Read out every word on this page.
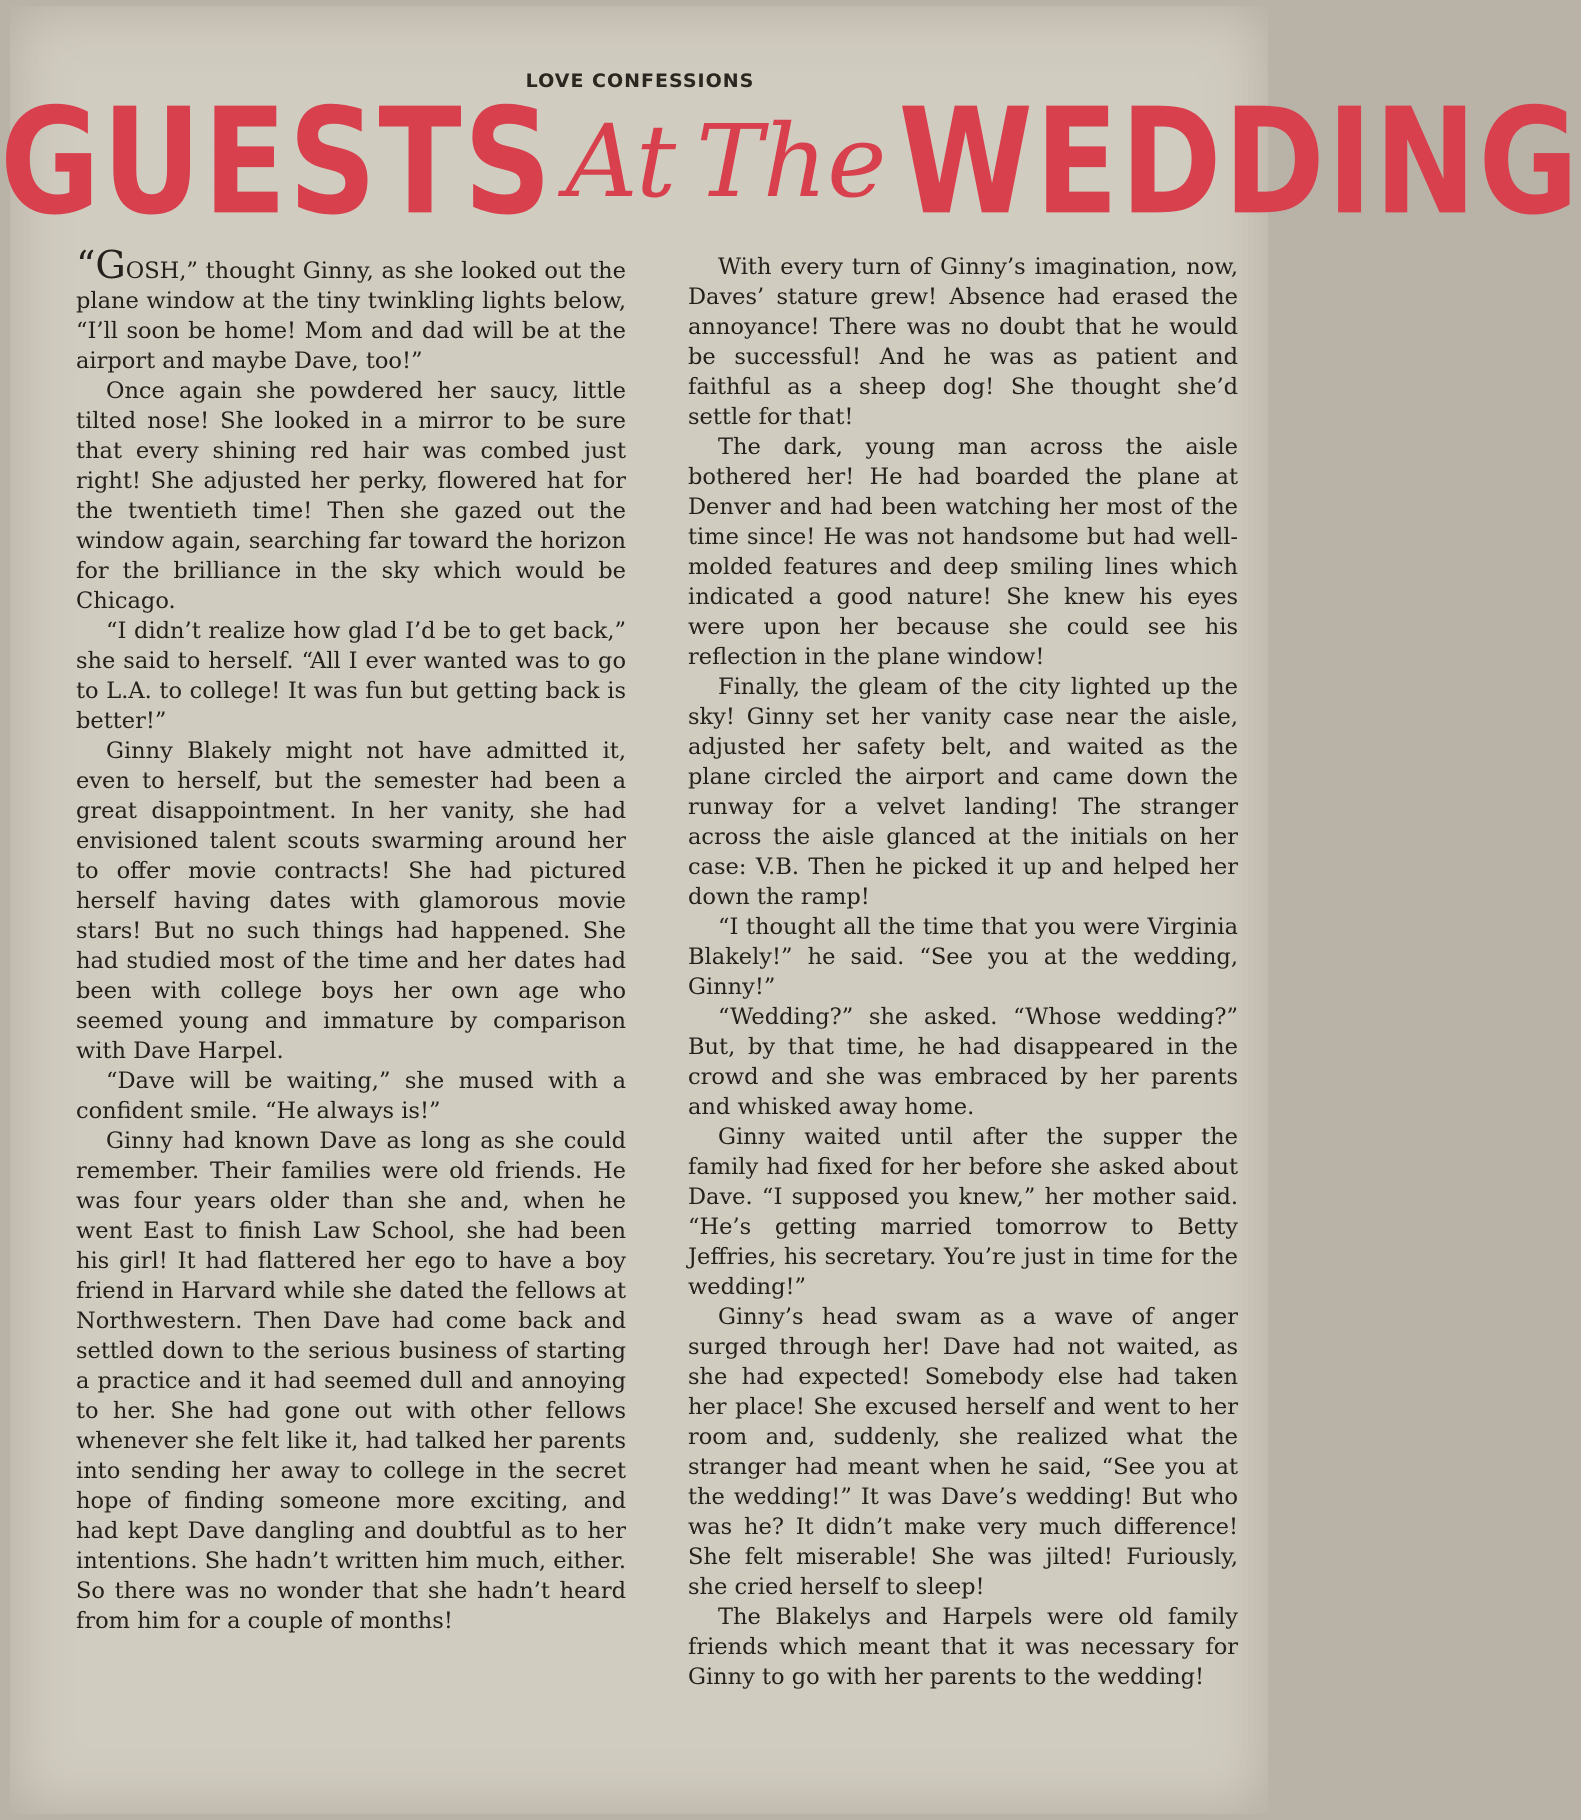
LOVE CONFESSIONS
GUESTS At The WEDDING

“GOSH,” thought Ginny, as she looked out the plane window at the tiny twinkling lights below, “I’ll soon be home! Mom and dad will be at the airport and maybe Dave, too!”

Once again she powdered her saucy, little tilted nose! She looked in a mirror to be sure that every shining red hair was combed just right! She adjusted her perky, flowered hat for the twentieth time! Then she gazed out the window again, searching far toward the horizon for the brilliance in the sky which would be Chicago.

“I didn’t realize how glad I’d be to get back,” she said to herself. “All I ever wanted was to go to L.A. to college! It was fun but getting back is better!”

Ginny Blakely might not have admitted it, even to herself, but the semester had been a great disappointment. In her vanity, she had envisioned talent scouts swarming around her to offer movie contracts! She had pictured herself having dates with glamorous movie stars! But no such things had happened. She had studied most of the time and her dates had been with college boys her own age who seemed young and immature by comparison with Dave Harpel.

“Dave will be waiting,” she mused with a confident smile. “He always is!”

Ginny had known Dave as long as she could remember. Their families were old friends. He was four years older than she and, when he went East to finish Law School, she had been his girl! It had flattered her ego to have a boy friend in Harvard while she dated the fellows at Northwestern. Then Dave had come back and settled down to the serious business of starting a practice and it had seemed dull and annoying to her. She had gone out with other fellows whenever she felt like it, had talked her parents into sending her away to college in the secret hope of finding someone more exciting, and had kept Dave dangling and doubtful as to her intentions. She hadn’t written him much, either. So there was no wonder that she hadn’t heard from him for a couple of months!

With every turn of Ginny’s imagination, now, Daves’ stature grew! Absence had erased the annoyance! There was no doubt that he would be successful! And he was as patient and faithful as a sheep dog! She thought she’d settle for that!

The dark, young man across the aisle bothered her! He had boarded the plane at Denver and had been watching her most of the time since! He was not handsome but had well-molded features and deep smiling lines which indicated a good nature! She knew his eyes were upon her because she could see his reflection in the plane window!

Finally, the gleam of the city lighted up the sky! Ginny set her vanity case near the aisle, adjusted her safety belt, and waited as the plane circled the airport and came down the runway for a velvet landing! The stranger across the aisle glanced at the initials on her case: V.B. Then he picked it up and helped her down the ramp!

“I thought all the time that you were Virginia Blakely!” he said. “See you at the wedding, Ginny!”

“Wedding?” she asked. “Whose wedding?” But, by that time, he had disappeared in the crowd and she was embraced by her parents and whisked away home.

Ginny waited until after the supper the family had fixed for her before she asked about Dave. “I supposed you knew,” her mother said. “He’s getting married tomorrow to Betty Jeffries, his secretary. You’re just in time for the wedding!”

Ginny’s head swam as a wave of anger surged through her! Dave had not waited, as she had expected! Somebody else had taken her place! She excused herself and went to her room and, suddenly, she realized what the stranger had meant when he said, “See you at the wedding!” It was Dave’s wedding! But who was he? It didn’t make very much difference! She felt miserable! She was jilted! Furiously, she cried herself to sleep!

The Blakelys and Harpels were old family friends which meant that it was necessary for Ginny to go with her parents to the wedding!
